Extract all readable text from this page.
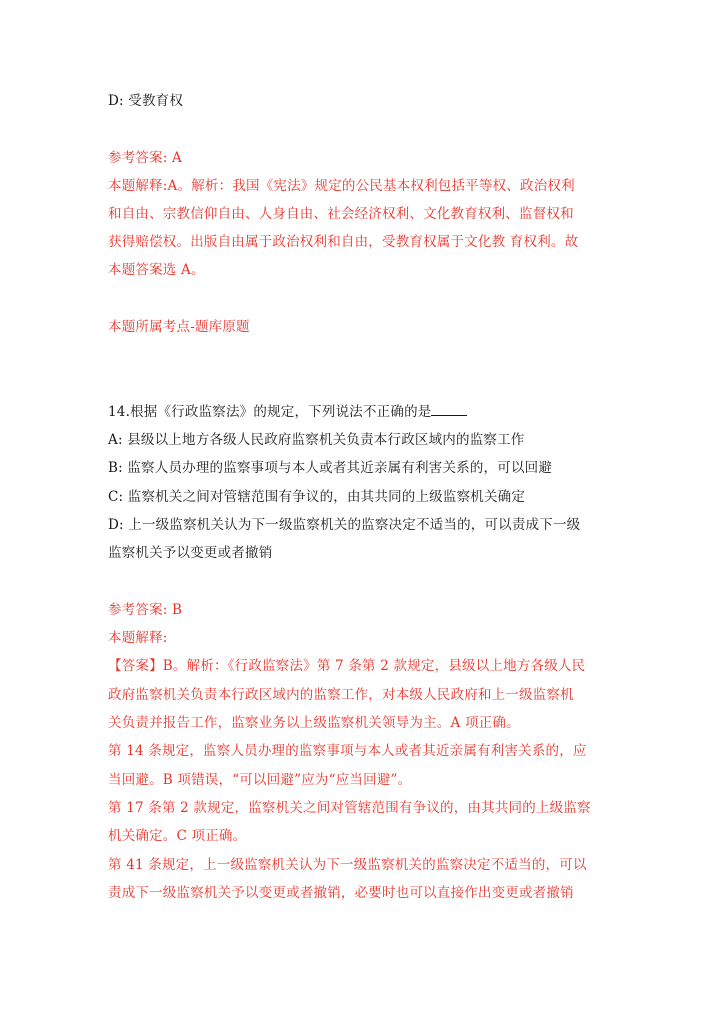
D: 受教育权
参考答案: A
本题解释:A。解析：我国《宪法》规定的公民基本权利包括平等权、政治权利
和自由、宗教信仰自由、人身自由、社会经济权利、文化教育权利、监督权和
获得赔偿权。出版自由属于政治权利和自由，受教育权属于文化教 育权利。故
本题答案选 A。
本题所属考点-题库原题
14.根据《行政监察法》的规定，下列说法不正确的是
A: 县级以上地方各级人民政府监察机关负责本行政区域内的监察工作
B: 监察人员办理的监察事项与本人或者其近亲属有利害关系的，可以回避
C: 监察机关之间对管辖范围有争议的，由其共同的上级监察机关确定
D: 上一级监察机关认为下一级监察机关的监察决定不适当的，可以责成下一级
监察机关予以变更或者撤销
参考答案: B
本题解释:
【答案】B。解析：《行政监察法》第 7 条第 2 款规定，县级以上地方各级人民
政府监察机关负责本行政区域内的监察工作，对本级人民政府和上一级监察机
关负责并报告工作，监察业务以上级监察机关领导为主。A 项正确。
第 14 条规定，监察人员办理的监察事项与本人或者其近亲属有利害关系的，应
当回避。B 项错误，“可以回避”应为“应当回避”。
第 17 条第 2 款规定，监察机关之间对管辖范围有争议的，由其共同的上级监察
机关确定。C 项正确。
第 41 条规定，上一级监察机关认为下一级监察机关的监察决定不适当的，可以
责成下一级监察机关予以变更或者撤销，必要时也可以直接作出变更或者撤销
